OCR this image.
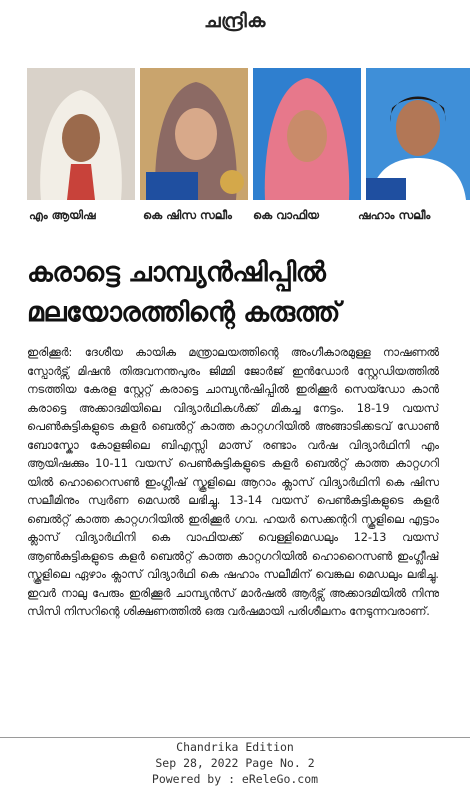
ചന്ദ്രിക
എം ആയിഷ	കെ ഷിസ സലീം കെ വാഫിയ	ഷഹാം സലീം
കരാട്ടെ ചാമ്പ്യൻഷിപ്പിൽ
മലയോരത്തിന്റെ കരുത്ത്
ഇരിക്കൂർ: ദേശീയ കായിക മന്ത്രാലയത്തിന്റെ അംഗീകാരമുള്ള നാഷണൽ സ്പോർട്സ് മിഷൻ തിരുവനന്തപുരം ജിമ്മി ജോർജ് ഇൻഡോർ സ്റ്റേഡിയത്തിൽ നടത്തിയ കേരള സ്റ്റേറ്റ് കരാട്ടെ ചാമ്പ്യൻഷിപ്പിൽ ഇരിക്കൂർ സെയ്ഡോ കാൻ കരാട്ടെ അക്കാദമിയിലെ വിദ്യാർഥികൾക്ക് മികച്ച നേട്ടം. 18-19 വയസ് പെൺകുട്ടികളുടെ കളർ ബെൽറ്റ് കാത്ത കാറ്റഗറിയിൽ അങ്ങാടിക്കടവ് ഡോൺ ബോസ്കോ കോളജിലെ ബിഎസ്സി മാത്സ് രണ്ടാം വർഷ വിദ്യാർഥിനി എം ആയിഷക്കും 10-11 വയസ് പെൺകുട്ടികളുടെ കളർ ബെൽറ്റ് കാത്ത കാറ്റഗറി യിൽ ഹൊറൈസൺ ഇംഗ്ലീഷ് സ്കൂളിലെ ആറാം ക്ലാസ് വിദ്യാർഥിനി കെ ഷിസ സലീമിനും സ്വർണ മെഡൽ ലഭിച്ചു. 13-14 വയസ് പെൺകുട്ടികളുടെ കളർ ബെൽറ്റ് കാത്ത കാറ്റഗറിയിൽ ഇരിക്കൂർ ഗവ. ഹയർ സെക്കന്ററി സ്കൂളിലെ എട്ടാം ക്ലാസ് വിദ്യാർഥിനി കെ വാഫിയക്ക് വെള്ളിമെഡലും 12-13 വയസ് ആൺകുട്ടികളുടെ കളർ ബെൽറ്റ് കാത്ത കാറ്റഗറിയിൽ ഹൊറൈസൺ ഇംഗ്ലീഷ് സ്കൂളിലെ ഏഴാം ക്ലാസ് വിദ്യാർഥി കെ ഷഹാം സലീമിന് വെങ്കല മെഡലും ലഭിച്ചു. ഇവർ നാലു പേരും ഇരിക്കൂർ ചാമ്പ്യൻസ് മാർഷൽ ആർട്സ് അക്കാദമിയിൽ നിന്നു സിസി നിസറിന്റെ ശിക്ഷണത്തിൽ ഒരു വർഷമായി പരിശീലനം നേടുന്നവരാണ്.
Chandrika Edition
Sep 28, 2022 Page No. 2
Powered by : eReleGo.com
